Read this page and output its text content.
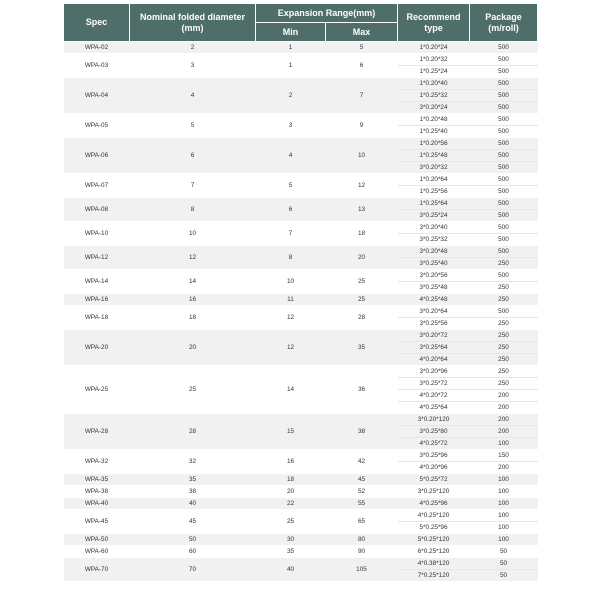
Spec	Nominal folded diameter (mm)	Expansion Range(mm)		Recommend type	Package (m/roll)
		Min	Max		
WPA-02	2	1	5	1*0.20*24	500
WPA-03	3	1	6	1*0.20*32	500
				1*0.25*24	500
WPA-04	4	2	7	1*0.20*40	500
				1*0.25*32	500
				3*0.20*24	500
WPA-05	5	3	9	1*0.20*48	500
				1*0.25*40	500
WPA-06	6	4	10	1*0.20*56	500
				1*0.25*48	500
				3*0.20*32	500
WPA-07	7	5	12	1*0.20*64	500
				1*0.25*56	500
WPA-08	8	6	13	1*0.25*64	500
				3*0.25*24	500
WPA-10	10	7	18	3*0.20*40	500
				3*0.25*32	500
WPA-12	12	8	20	3*0.20*48	500
				3*0.25*40	250
WPA-14	14	10	25	3*0.20*56	500
				3*0.25*48	250
WPA-16	16	11	25	4*0.25*48	250
WPA-18	18	12	28	3*0.20*64	500
				3*0.25*56	250
WPA-20	20	12	35	3*0.20*72	250
				3*0.25*64	250
				4*0.20*64	250
WPA-25	25	14	36	3*0.20*96	250
				3*0.25*72	250
				4*0.20*72	200
				4*0.25*64	200
WPA-28	28	15	38	3*0.20*120	200
				3*0.25*80	200
				4*0.25*72	100
WPA-32	32	16	42	3*0.25*96	150
				4*0.20*96	200
WPA-35	35	18	45	5*0.25*72	100
WPA-38	38	20	52	3*0.25*120	100
WPA-40	40	22	55	4*0.25*96	100
WPA-45	45	25	65	4*0.25*120	100
				5*0.25*96	100
WPA-50	50	30	80	5*0.25*120	100
WPA-60	60	35	90	6*0.25*120	50
WPA-70	70	40	105	4*0.38*120	50
				7*0.25*120	50
